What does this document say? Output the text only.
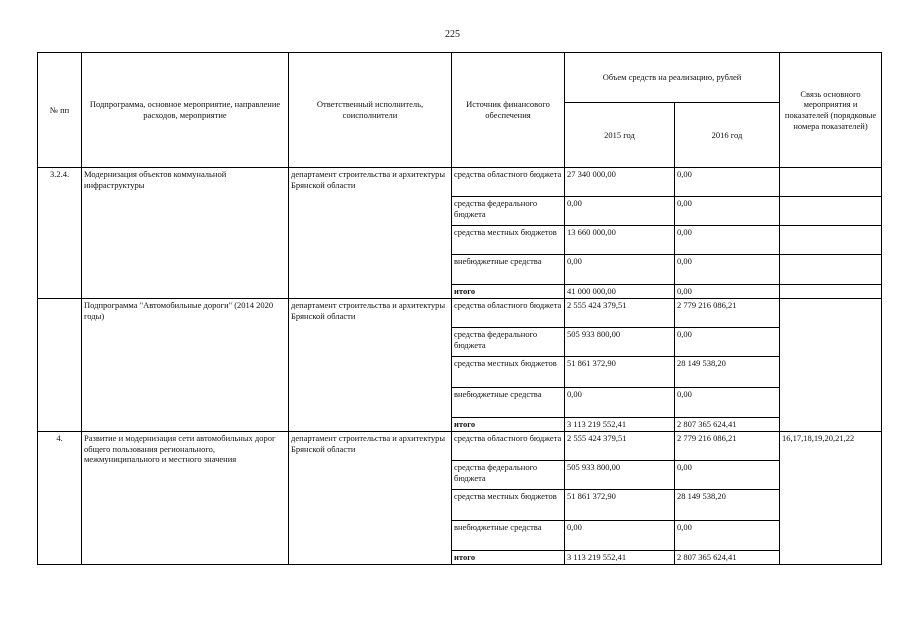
225
№ пп	Подпрограмма, основное мероприятие, направление расходов, мероприятие	Ответственный исполнитель, соисполнители	Источник финансового обеспечения	Объем средств на реализацию, рублей		Связь основного мероприятия и показателей (порядковые номера показателей)
				2015 год	2016 год	
3.2.4.	Модернизация объектов коммунальной инфраструктуры	департамент строительства и архитектуры Брянской области	средства областного бюджета	27 340 000,00	0,00	
			средства федерального бюджета	0,00	0,00	
			средства местных бюджетов	13 660 000,00	0,00	
			внебюджетные средства	0,00	0,00	
			итого	41 000 000,00	0,00	
	Подпрограмма "Автомобильные дороги" (2014 2020 годы)	департамент строительства и архитектуры Брянской области	средства областного бюджета	2 555 424 379,51	2 779 216 086,21	
			средства федерального бюджета	505 933 800,00	0,00	
			средства местных бюджетов	51 861 372,90	28 149 538,20	
			внебюджетные средства	0,00	0,00	
			итого	3 113 219 552,41	2 807 365 624,41	
4.	Развитие и модернизация сети автомобильных дорог общего пользования регионального, межмуниципального и местного значения	департамент строительства и архитектуры Брянской области	средства областного бюджета	2 555 424 379,51	2 779 216 086,21	16,17,18,19,20,21,22
			средства федерального бюджета	505 933 800,00	0,00	
			средства местных бюджетов	51 861 372,90	28 149 538,20	
			внебюджетные средства	0,00	0,00	
			итого	3 113 219 552,41	2 807 365 624,41	
